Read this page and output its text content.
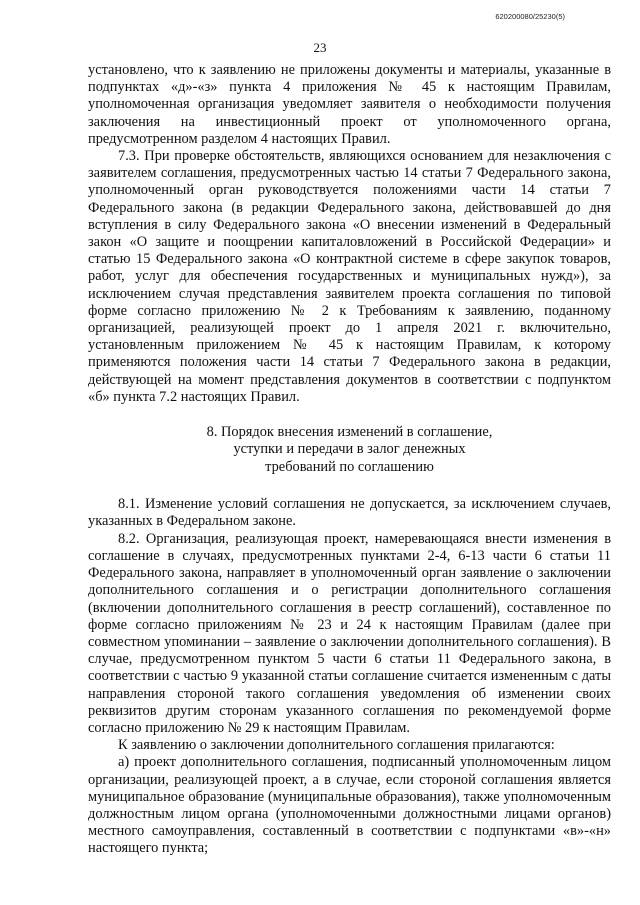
620200080/25230(5)
23

установлено, что к заявлению не приложены документы и материалы, указанные в подпунктах «д»-«з» пункта 4 приложения № 45 к настоящим Правилам, уполномоченная организация уведомляет заявителя о необходимости получения заключения на инвестиционный проект от уполномоченного органа, предусмотренном разделом 4 настоящих Правил.

7.3. При проверке обстоятельств, являющихся основанием для незаключения с заявителем соглашения, предусмотренных частью 14 статьи 7 Федерального закона, уполномоченный орган руководствуется положениями части 14 статьи 7 Федерального закона (в редакции Федерального закона, действовавшей до дня вступления в силу Федерального закона «О внесении изменений в Федеральный закон «О защите и поощрении капиталовложений в Российской Федерации» и статью 15 Федерального закона «О контрактной системе в сфере закупок товаров, работ, услуг для обеспечения государственных и муниципальных нужд»), за исключением случая представления заявителем проекта соглашения по типовой форме согласно приложению № 2 к Требованиям к заявлению, поданному организацией, реализующей проект до 1 апреля 2021 г. включительно, установленным приложением № 45 к настоящим Правилам, к которому применяются положения части 14 статьи 7 Федерального закона в редакции, действующей на момент представления документов в соответствии с подпунктом «б» пункта 7.2 настоящих Правил.

8. Порядок внесения изменений в соглашение,
уступки и передачи в залог денежных
требований по соглашению

8.1. Изменение условий соглашения не допускается, за исключением случаев, указанных в Федеральном законе.

8.2. Организация, реализующая проект, намеревающаяся внести изменения в соглашение в случаях, предусмотренных пунктами 2-4, 6-13 части 6 статьи 11 Федерального закона, направляет в уполномоченный орган заявление о заключении дополнительного соглашения и о регистрации дополнительного соглашения (включении дополнительного соглашения в реестр соглашений), составленное по форме согласно приложениям № 23 и 24 к настоящим Правилам (далее при совместном упоминании – заявление о заключении дополнительного соглашения). В случае, предусмотренном пунктом 5 части 6 статьи 11 Федерального закона, в соответствии с частью 9 указанной статьи соглашение считается измененным с даты направления стороной такого соглашения уведомления об изменении своих реквизитов другим сторонам указанного соглашения по рекомендуемой форме согласно приложению № 29 к настоящим Правилам.

К заявлению о заключении дополнительного соглашения прилагаются:

а) проект дополнительного соглашения, подписанный уполномоченным лицом организации, реализующей проект, а в случае, если стороной соглашения является муниципальное образование (муниципальные образования), также уполномоченным должностным лицом органа (уполномоченными должностными лицами органов) местного самоуправления, составленный в соответствии с подпунктами «в»-«н» настоящего пункта;
